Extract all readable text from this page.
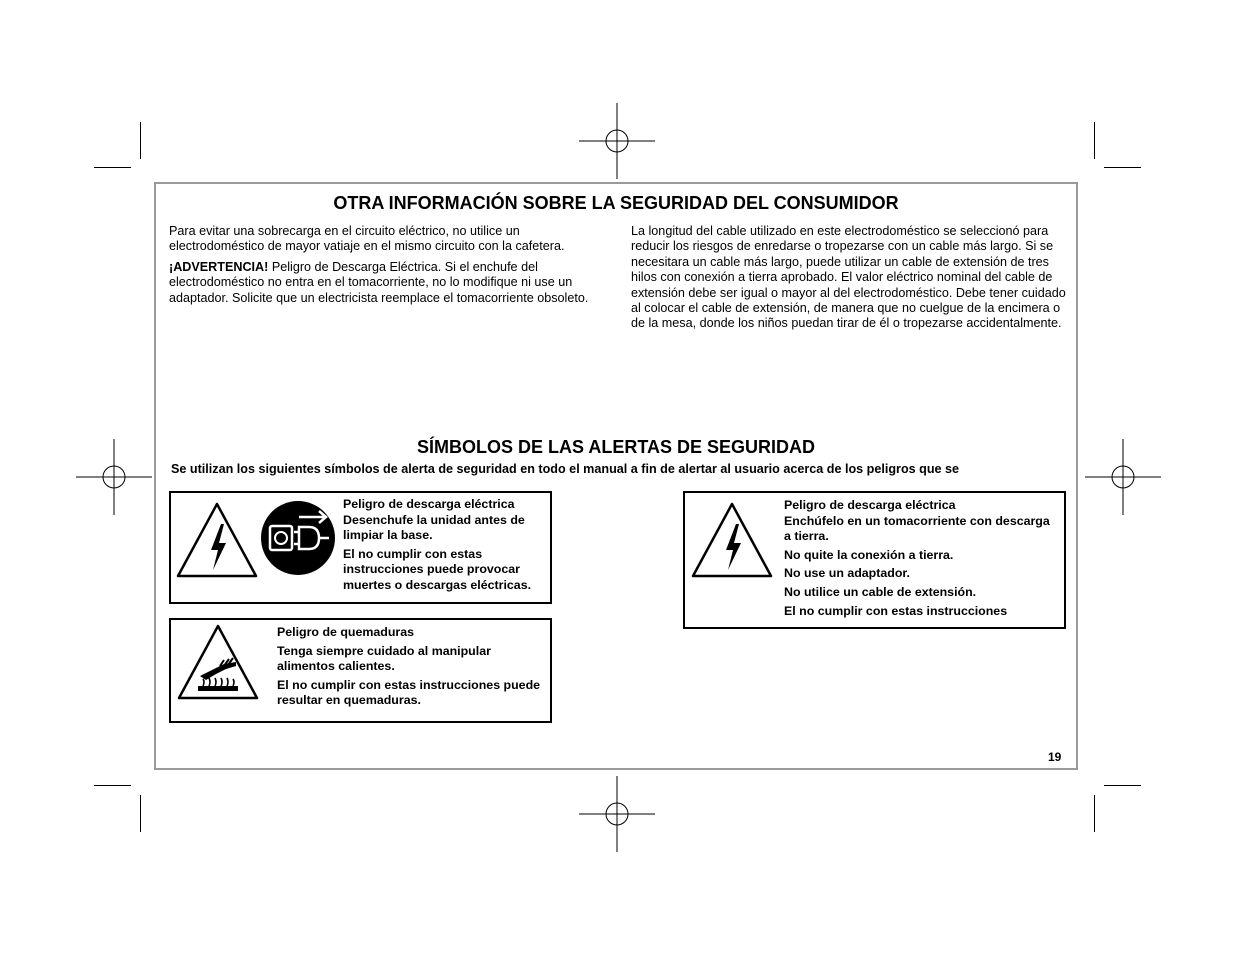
OTRA INFORMACIÓN SOBRE LA SEGURIDAD DEL CONSUMIDOR

Para evitar una sobrecarga en el circuito eléctrico, no utilice un electrodoméstico de mayor vatiaje en el mismo circuito con la cafetera.

¡ADVERTENCIA! Peligro de Descarga Eléctrica. Si el enchufe del electrodoméstico no entra en el tomacorriente, no lo modifique ni use un adaptador. Solicite que un electricista reemplace el tomacorriente obsoleto.

La longitud del cable utilizado en este electrodoméstico se seleccionó para reducir los riesgos de enredarse o tropezarse con un cable más largo. Si se necesitara un cable más largo, puede utilizar un cable de extensión de tres hilos con conexión a tierra aprobado. El valor eléctrico nominal del cable de extensión debe ser igual o mayor al del electrodoméstico. Debe tener cuidado al colocar el cable de extensión, de manera que no cuelgue de la encimera o de la mesa, donde los niños puedan tirar de él o tropezarse accidentalmente.

SÍMBOLOS DE LAS ALERTAS DE SEGURIDAD
Se utilizan los siguientes símbolos de alerta de seguridad en todo el manual a fin de alertar al usuario acerca de los peligros que se
Peligro de descarga eléctrica
Desenchufe la unidad antes de limpiar la base.
El no cumplir con estas instrucciones puede provocar muertes o descargas eléctricas.
Peligro de quemaduras
Tenga siempre cuidado al manipular alimentos calientes.
El no cumplir con estas instrucciones puede resultar en quemaduras.
Peligro de descarga eléctrica
Enchúfelo en un tomacorriente con descarga a tierra.
No quite la conexión a tierra.
No use un adaptador.
No utilice un cable de extensión.
El no cumplir con estas instrucciones
19
